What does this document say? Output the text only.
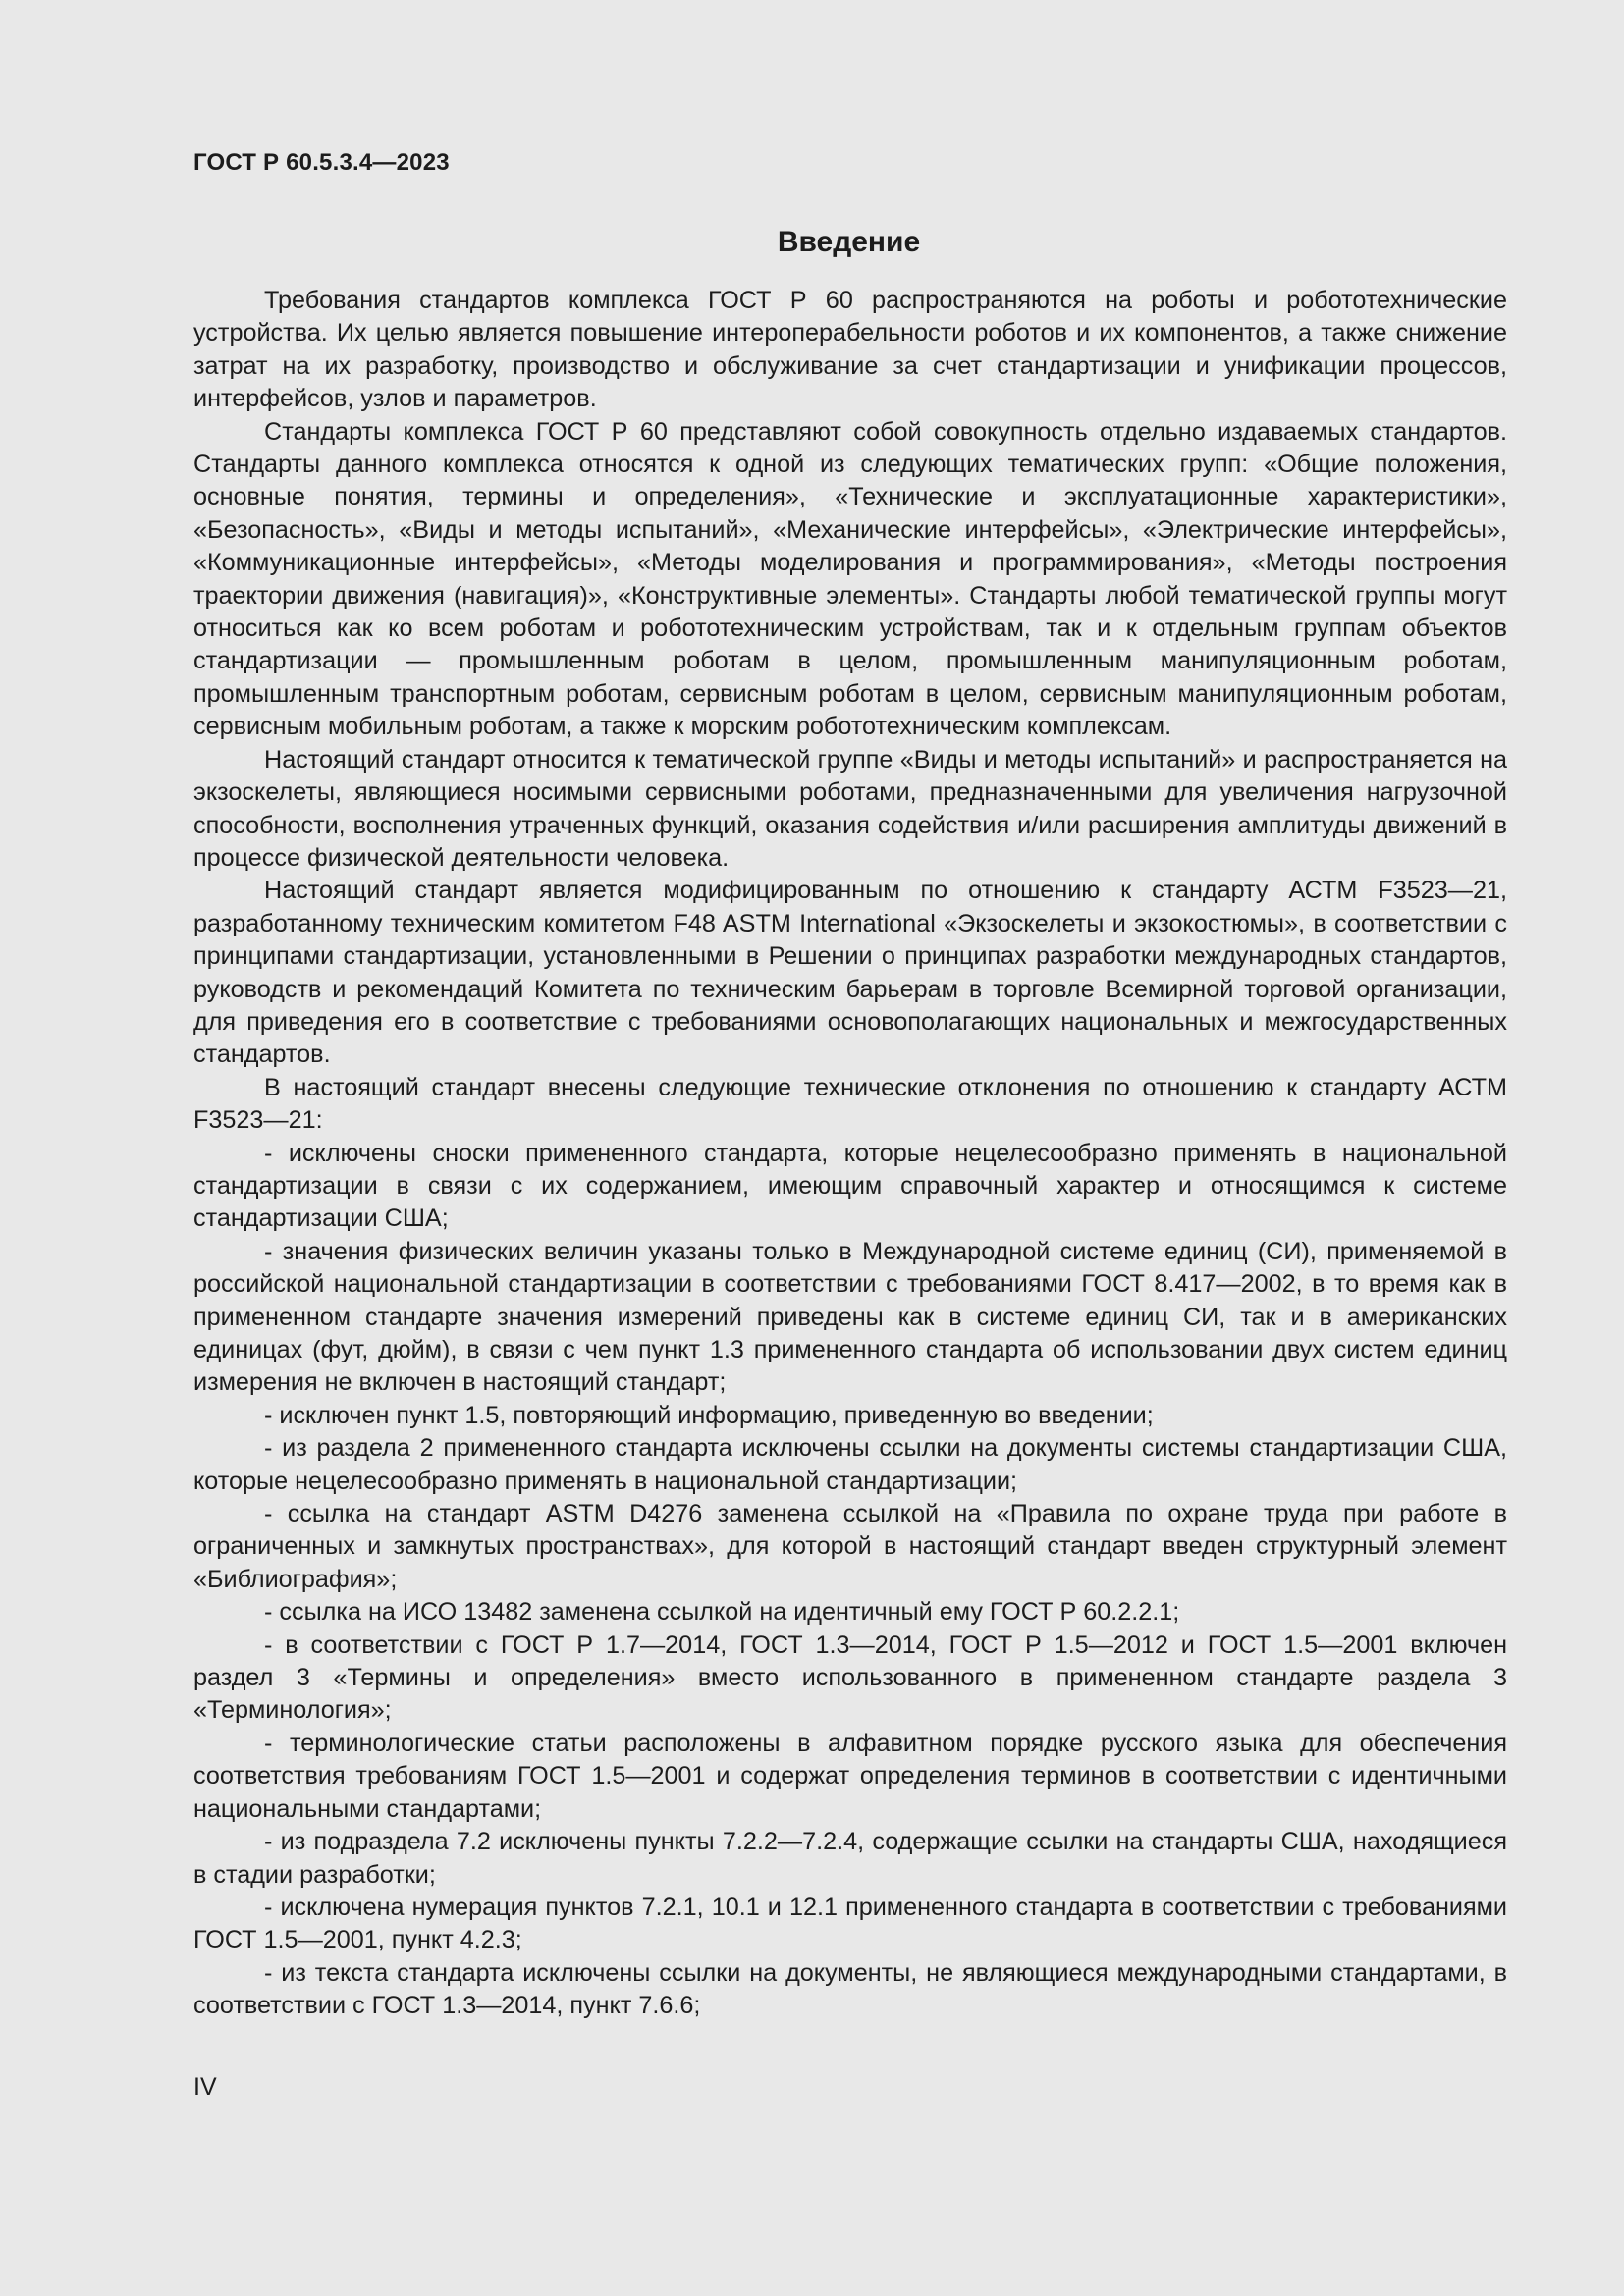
ГОСТ Р 60.5.3.4—2023
Введение

Требования стандартов комплекса ГОСТ Р 60 распространяются на роботы и робототехнические устройства. Их целью является повышение интероперабельности роботов и их компонентов, а также снижение затрат на их разработку, производство и обслуживание за счет стандартизации и унификации процессов, интерфейсов, узлов и параметров.

Стандарты комплекса ГОСТ Р 60 представляют собой совокупность отдельно издаваемых стандартов. Стандарты данного комплекса относятся к одной из следующих тематических групп: «Общие положения, основные понятия, термины и определения», «Технические и эксплуатационные характеристики», «Безопасность», «Виды и методы испытаний», «Механические интерфейсы», «Электрические интерфейсы», «Коммуникационные интерфейсы», «Методы моделирования и программирования», «Методы построения траектории движения (навигация)», «Конструктивные элементы». Стандарты любой тематической группы могут относиться как ко всем роботам и робототехническим устройствам, так и к отдельным группам объектов стандартизации — промышленным роботам в целом, промышленным манипуляционным роботам, промышленным транспортным роботам, сервисным роботам в целом, сервисным манипуляционным роботам, сервисным мобильным роботам, а также к морским робототехническим комплексам.

Настоящий стандарт относится к тематической группе «Виды и методы испытаний» и распространяется на экзоскелеты, являющиеся носимыми сервисными роботами, предназначенными для увеличения нагрузочной способности, восполнения утраченных функций, оказания содействия и/или расширения амплитуды движений в процессе физической деятельности человека.

Настоящий стандарт является модифицированным по отношению к стандарту АСТМ F3523—21, разработанному техническим комитетом F48 ASTM International «Экзоскелеты и экзокостюмы», в соответствии с принципами стандартизации, установленными в Решении о принципах разработки международных стандартов, руководств и рекомендаций Комитета по техническим барьерам в торговле Всемирной торговой организации, для приведения его в соответствие с требованиями основополагающих национальных и межгосударственных стандартов.

В настоящий стандарт внесены следующие технические отклонения по отношению к стандарту АСТМ F3523—21:

- исключены сноски примененного стандарта, которые нецелесообразно применять в национальной стандартизации в связи с их содержанием, имеющим справочный характер и относящимся к системе стандартизации США;

- значения физических величин указаны только в Международной системе единиц (СИ), применяемой в российской национальной стандартизации в соответствии с требованиями ГОСТ 8.417—2002, в то время как в примененном стандарте значения измерений приведены как в системе единиц СИ, так и в американских единицах (фут, дюйм), в связи с чем пункт 1.3 примененного стандарта об использовании двух систем единиц измерения не включен в настоящий стандарт;

- исключен пункт 1.5, повторяющий информацию, приведенную во введении;

- из раздела 2 примененного стандарта исключены ссылки на документы системы стандартизации США, которые нецелесообразно применять в национальной стандартизации;

- ссылка на стандарт ASTM D4276 заменена ссылкой на «Правила по охране труда при работе в ограниченных и замкнутых пространствах», для которой в настоящий стандарт введен структурный элемент «Библиография»;

- ссылка на ИСО 13482 заменена ссылкой на идентичный ему ГОСТ Р 60.2.2.1;

- в соответствии с ГОСТ Р 1.7—2014, ГОСТ 1.3—2014, ГОСТ Р 1.5—2012 и ГОСТ 1.5—2001 включен раздел 3 «Термины и определения» вместо использованного в примененном стандарте раздела 3 «Терминология»;

- терминологические статьи расположены в алфавитном порядке русского языка для обеспечения соответствия требованиям ГОСТ 1.5—2001 и содержат определения терминов в соответствии с идентичными национальными стандартами;

- из подраздела 7.2 исключены пункты 7.2.2—7.2.4, содержащие ссылки на стандарты США, находящиеся в стадии разработки;

- исключена нумерация пунктов 7.2.1, 10.1 и 12.1 примененного стандарта в соответствии с требованиями ГОСТ 1.5—2001, пункт 4.2.3;

- из текста стандарта исключены ссылки на документы, не являющиеся международными стандартами, в соответствии с ГОСТ 1.3—2014, пункт 7.6.6;

IV
